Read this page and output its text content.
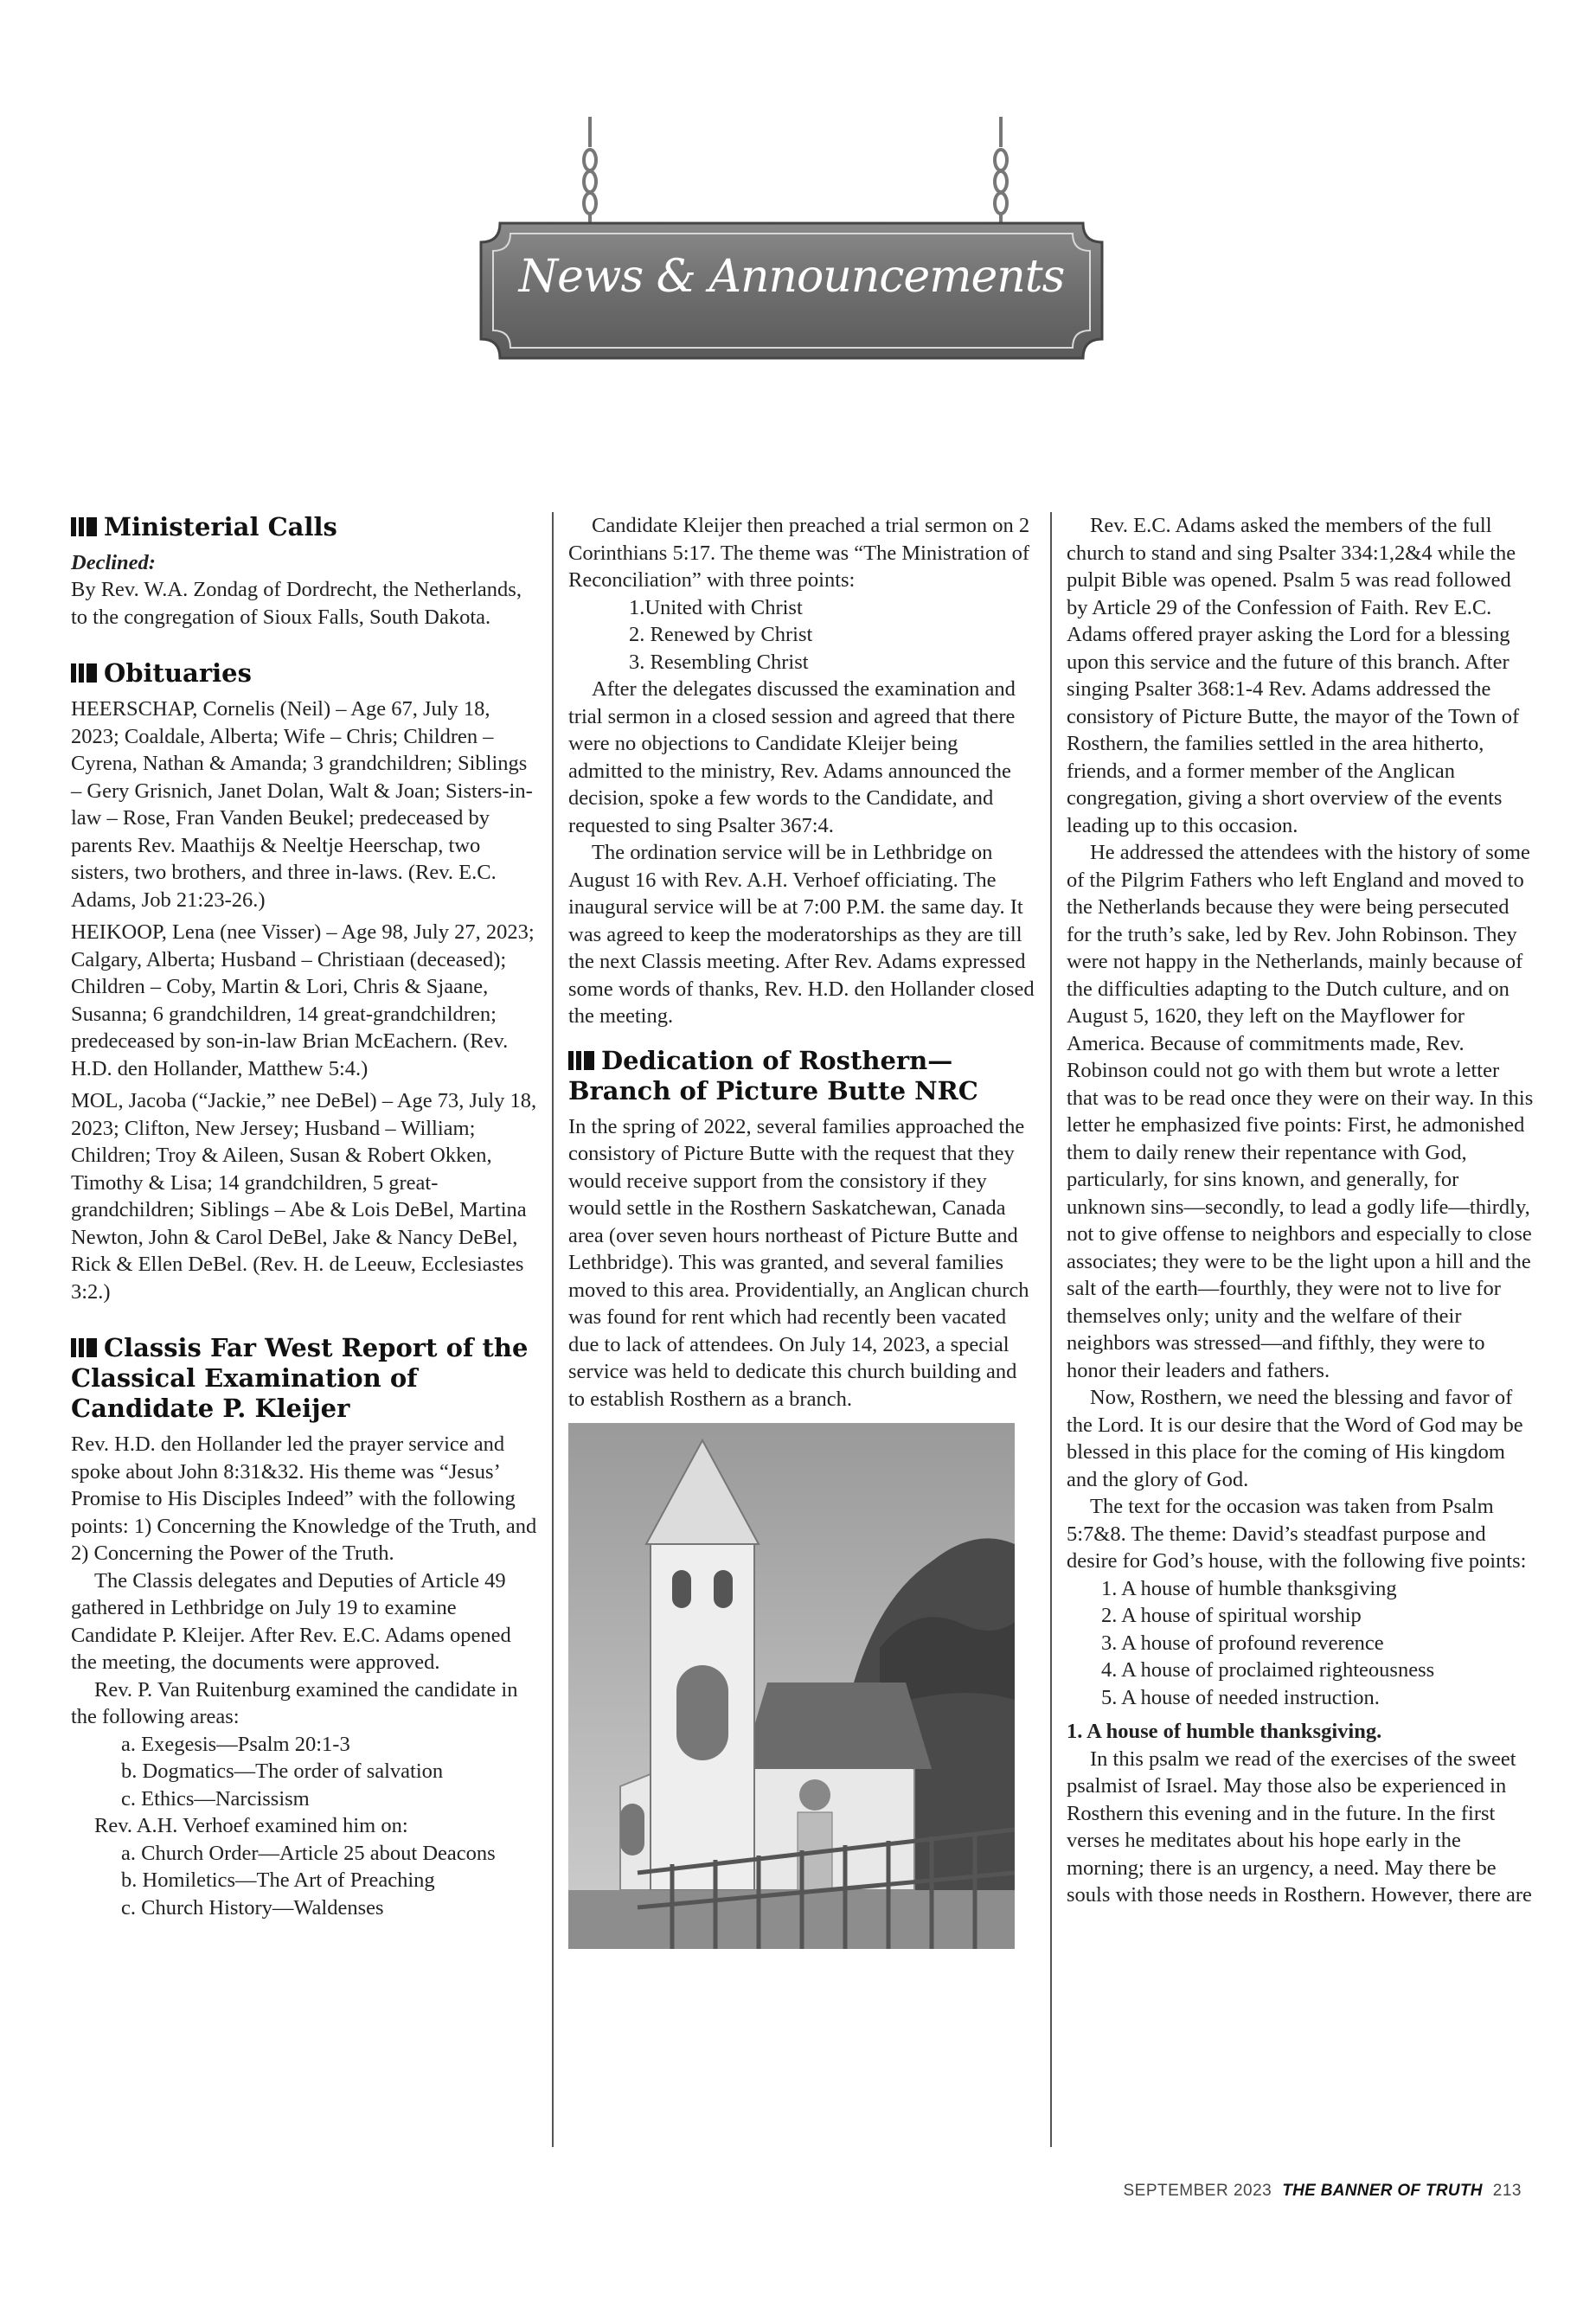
News & Announcements
Ministerial Calls

Declined:

By Rev. W.A. Zondag of Dordrecht, the Netherlands, to the congregation of Sioux Falls, South Dakota.

Obituaries

HEERSCHAP, Cornelis (Neil) – Age 67, July 18, 2023; Coaldale, Alberta; Wife – Chris; Children – Cyrena, Nathan & Amanda; 3 grandchildren; Siblings – Gery Grisnich, Janet Dolan, Walt & Joan; Sisters-in-law – Rose, Fran Vanden Beukel; predeceased by parents Rev. Maathijs & Neeltje Heerschap, two sisters, two brothers, and three in-laws. (Rev. E.C. Adams, Job 21:23-26.)

HEIKOOP, Lena (nee Visser) – Age 98, July 27, 2023; Calgary, Alberta; Husband – Christiaan (deceased); Children – Coby, Martin & Lori, Chris & Sjaane, Susanna; 6 grandchildren, 14 great-grandchildren; predeceased by son-in-law Brian McEachern. (Rev. H.D. den Hollander, Matthew 5:4.)

MOL, Jacoba (“Jackie,” nee DeBel) – Age 73, July 18, 2023; Clifton, New Jersey; Husband – William; Children; Troy & Aileen, Susan & Robert Okken, Timothy & Lisa; 14 grandchildren, 5 great-grandchildren; Siblings – Abe & Lois DeBel, Martina Newton, John & Carol DeBel, Jake & Nancy DeBel, Rick & Ellen DeBel. (Rev. H. de Leeuw, Ecclesiastes 3:2.)

Classis Far West Report of the Classical Examination of Candidate P. Kleijer

Rev. H.D. den Hollander led the prayer service and spoke about John 8:31&32. His theme was “Jesus’ Promise to His Disciples Indeed” with the following points: 1) Concerning the Knowledge of the Truth, and 2) Concerning the Power of the Truth.

The Classis delegates and Deputies of Article 49 gathered in Lethbridge on July 19 to examine Candidate P. Kleijer. After Rev. E.C. Adams opened the meeting, the documents were approved.

Rev. P. Van Ruitenburg examined the candidate in the following areas:

a. Exegesis—Psalm 20:1-3

b. Dogmatics—The order of salvation

c. Ethics—Narcissism

Rev. A.H. Verhoef examined him on:

a. Church Order—Article 25 about Deacons

b. Homiletics—The Art of Preaching

c. Church History—Waldenses

Candidate Kleijer then preached a trial sermon on 2 Corinthians 5:17. The theme was “The Ministration of Reconciliation” with three points:

1.United with Christ

2. Renewed by Christ

3. Resembling Christ

After the delegates discussed the examination and trial sermon in a closed session and agreed that there were no objections to Candidate Kleijer being admitted to the ministry, Rev. Adams announced the decision, spoke a few words to the Candidate, and requested to sing Psalter 367:4.

The ordination service will be in Lethbridge on August 16 with Rev. A.H. Verhoef officiating. The inaugural service will be at 7:00 P.M. the same day. It was agreed to keep the moderatorships as they are till the next Classis meeting. After Rev. Adams expressed some words of thanks, Rev. H.D. den Hollander closed the meeting.

Dedication of Rosthern— Branch of Picture Butte NRC

In the spring of 2022, several families approached the consistory of Picture Butte with the request that they would receive support from the consistory if they would settle in the Rosthern Saskatchewan, Canada area (over seven hours northeast of Picture Butte and Lethbridge). This was granted, and several families moved to this area. Providentially, an Anglican church was found for rent which had recently been vacated due to lack of attendees. On July 14, 2023, a special service was held to dedicate this church building and to establish Rosthern as a branch.

Rev. E.C. Adams asked the members of the full church to stand and sing Psalter 334:1,2&4 while the pulpit Bible was opened. Psalm 5 was read followed by Article 29 of the Confession of Faith. Rev E.C. Adams offered prayer asking the Lord for a blessing upon this service and the future of this branch. After singing Psalter 368:1-4 Rev. Adams addressed the consistory of Picture Butte, the mayor of the Town of Rosthern, the families settled in the area hitherto, friends, and a former member of the Anglican congregation, giving a short overview of the events leading up to this occasion.

He addressed the attendees with the history of some of the Pilgrim Fathers who left England and moved to the Netherlands because they were being persecuted for the truth’s sake, led by Rev. John Robinson. They were not happy in the Netherlands, mainly because of the difficulties adapting to the Dutch culture, and on August 5, 1620, they left on the Mayflower for America. Because of commitments made, Rev. Robinson could not go with them but wrote a letter that was to be read once they were on their way. In this letter he emphasized five points: First, he admonished them to daily renew their repentance with God, particularly, for sins known, and generally, for unknown sins—secondly, to lead a godly life—thirdly, not to give offense to neighbors and especially to close associates; they were to be the light upon a hill and the salt of the earth—fourthly, they were not to live for themselves only; unity and the welfare of their neighbors was stressed—and fifthly, they were to honor their leaders and fathers.

Now, Rosthern, we need the blessing and favor of the Lord. It is our desire that the Word of God may be blessed in this place for the coming of His kingdom and the glory of God.

The text for the occasion was taken from Psalm 5:7&8. The theme: David’s steadfast purpose and desire for God’s house, with the following five points:

1. A house of humble thanksgiving

2. A house of spiritual worship

3. A house of profound reverence

4. A house of proclaimed righteousness

5. A house of needed instruction.

1. A house of humble thanksgiving.

In this psalm we read of the exercises of the sweet psalmist of Israel. May those also be experienced in Rosthern this evening and in the future. In the first verses he meditates about his hope early in the morning; there is an urgency, a need. May there be souls with those needs in Rosthern. However, there are

SEPTEMBER 2023 THE BANNER OF TRUTH 213
